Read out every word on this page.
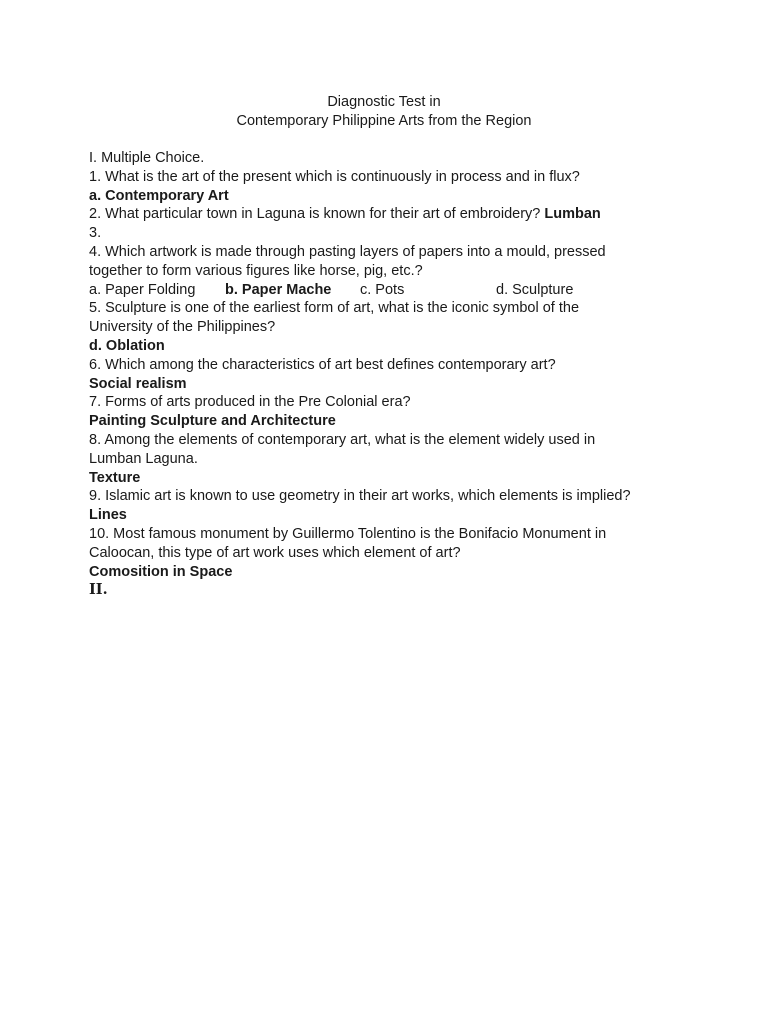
Diagnostic Test in
Contemporary Philippine Arts from the Region
I. Multiple Choice.
1. What is the art of the present which is continuously in process and in flux?
a. Contemporary Art
2. What particular town in Laguna is known for their art of embroidery? Lumban
3.
4. Which artwork is made through pasting layers of papers into a mould, pressed
together to form various figures like horse, pig, etc.?
a. Paper Folding b. Paper Mache c. Pots	d. Sculpture
5. Sculpture is one of the earliest form of art, what is the iconic symbol of the
University of the Philippines?
d. Oblation
6. Which among the characteristics of art best defines contemporary art?
Social realism
7. Forms of arts produced in the Pre Colonial era?
Painting Sculpture and Architecture
8. Among the elements of contemporary art, what is the element widely used in
Lumban Laguna.
Texture
9. Islamic art is known to use geometry in their art works, which elements is implied?
Lines
10. Most famous monument by Guillermo Tolentino is the Bonifacio Monument in
Caloocan, this type of art work uses which element of art?
Comosition in Space
II.
